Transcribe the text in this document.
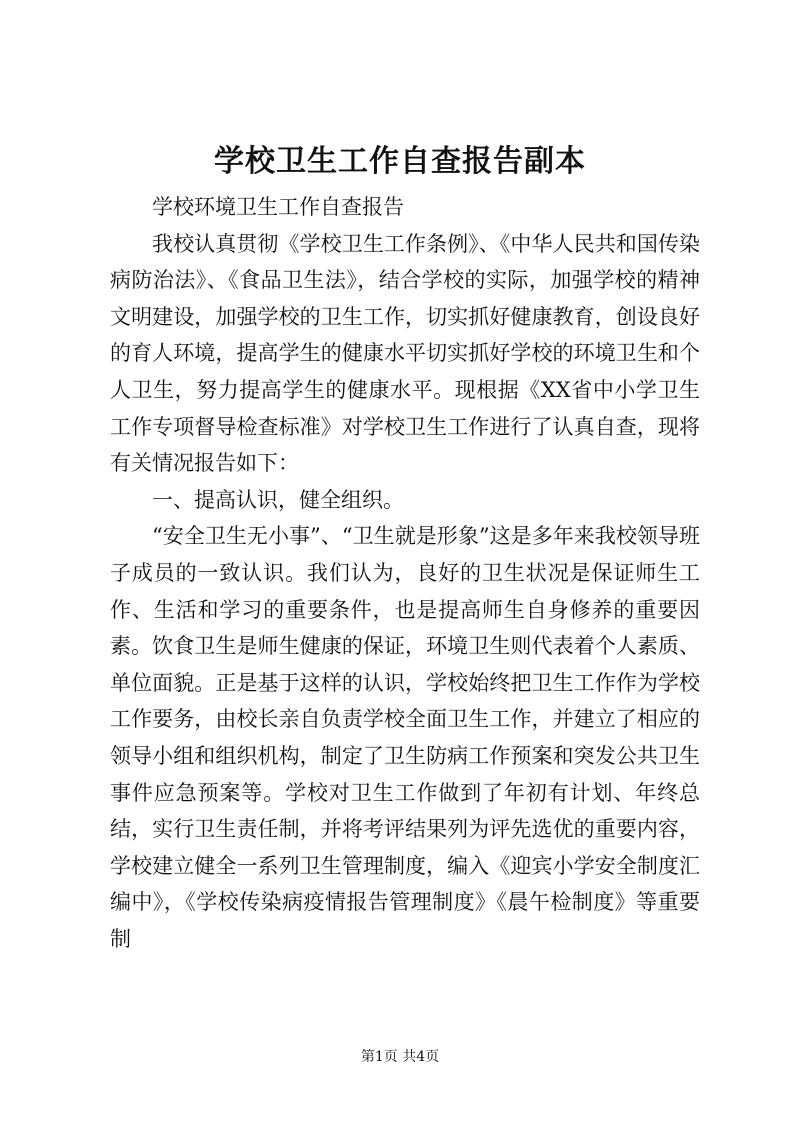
学校卫生工作自查报告副本

学校环境卫生工作自查报告

我校认真贯彻《学校卫生工作条例》、《中华人民共和国传染病防治法》、《食品卫生法》，结合学校的实际，加强学校的精神文明建设，加强学校的卫生工作，切实抓好健康教育，创设良好的育人环境，提高学生的健康水平切实抓好学校的环境卫生和个人卫生，努力提高学生的健康水平。现根据《XX省中小学卫生工作专项督导检查标准》对学校卫生工作进行了认真自查，现将有关情况报告如下：

一、提高认识，健全组织。

“安全卫生无小事”、“卫生就是形象”这是多年来我校领导班子成员的一致认识。我们认为，良好的卫生状况是保证师生工作、生活和学习的重要条件，也是提高师生自身修养的重要因素。饮食卫生是师生健康的保证，环境卫生则代表着个人素质、单位面貌。正是基于这样的认识，学校始终把卫生工作作为学校工作要务，由校长亲自负责学校全面卫生工作，并建立了相应的领导小组和组织机构，制定了卫生防病工作预案和突发公共卫生事件应急预案等。学校对卫生工作做到了年初有计划、年终总结，实行卫生责任制，并将考评结果列为评先选优的重要内容，学校建立健全一系列卫生管理制度，编入《迎宾小学安全制度汇编中》，《学校传染病疫情报告管理制度》《晨午检制度》等重要制

第1页 共4页
